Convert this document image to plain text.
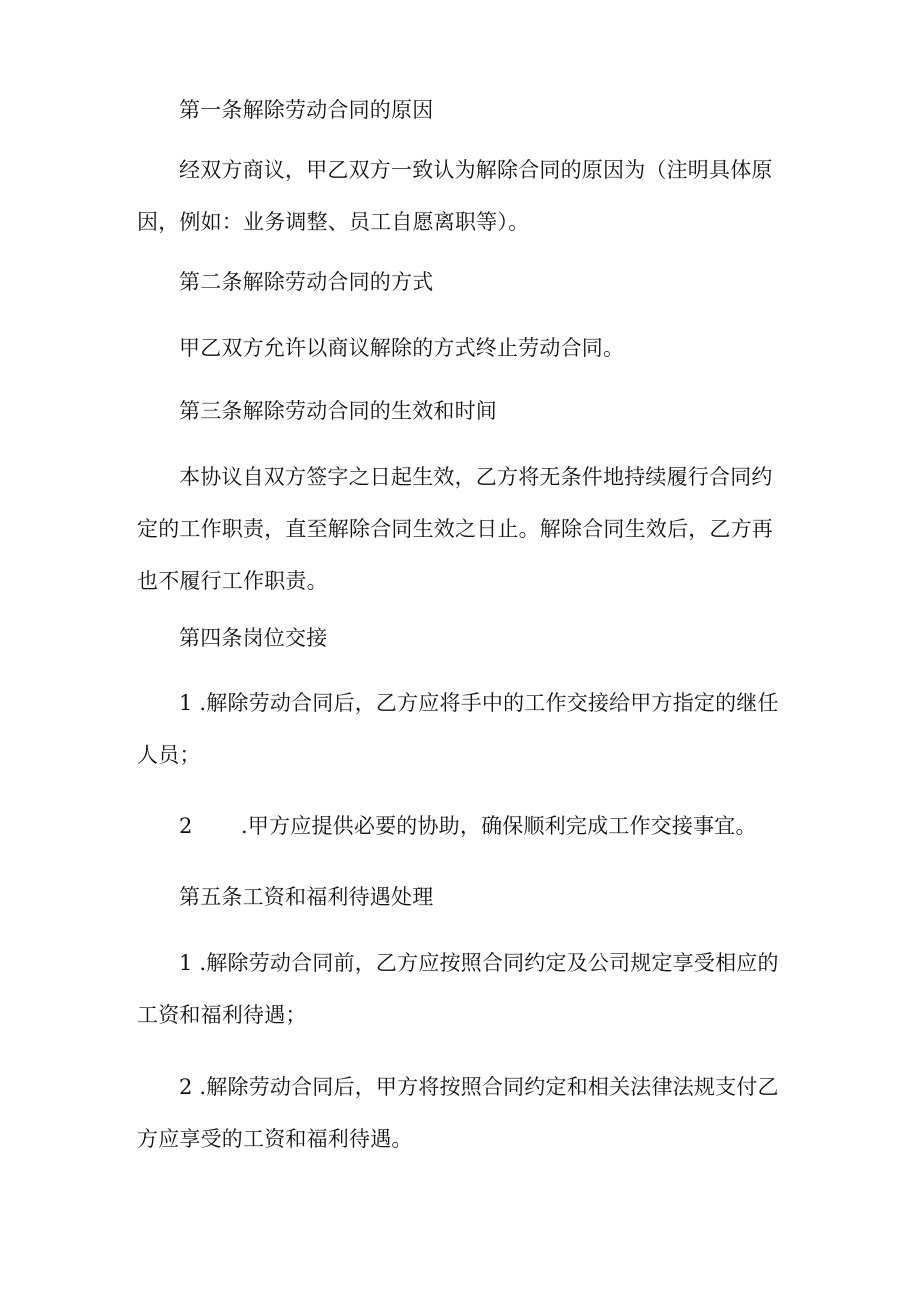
第一条解除劳动合同的原因

经双方商议，甲乙双方一致认为解除合同的原因为（注明具体原因，例如：业务调整、员工自愿离职等）。

第二条解除劳动合同的方式

甲乙双方允许以商议解除的方式终止劳动合同。

第三条解除劳动合同的生效和时间

本协议自双方签字之日起生效，乙方将无条件地持续履行合同约定的工作职责，直至解除合同生效之日止。解除合同生效后，乙方再也不履行工作职责。

第四条岗位交接

1 .解除劳动合同后，乙方应将手中的工作交接给甲方指定的继任人员；

2 .甲方应提供必要的协助，确保顺利完成工作交接事宜。

第五条工资和福利待遇处理

1 .解除劳动合同前，乙方应按照合同约定及公司规定享受相应的工资和福利待遇；

2 .解除劳动合同后，甲方将按照合同约定和相关法律法规支付乙方应享受的工资和福利待遇。
